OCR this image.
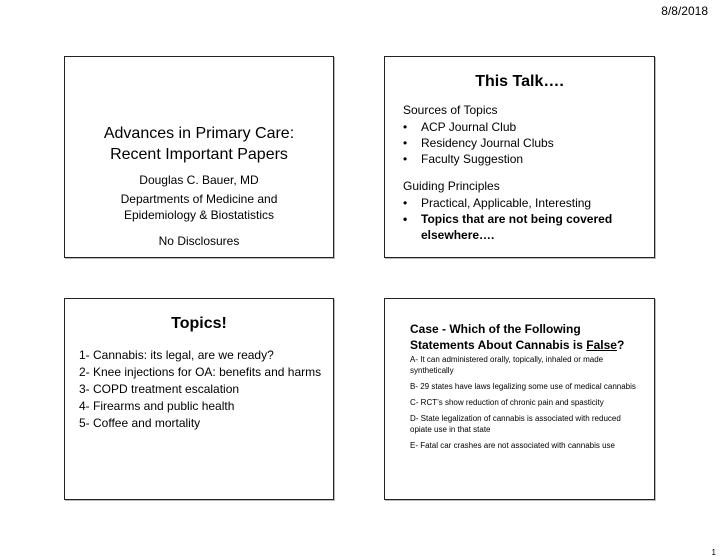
8/8/2018
Advances in Primary Care:
Recent Important Papers
Douglas C. Bauer, MD
Departments of Medicine and
Epidemiology & Biostatistics
No Disclosures
This Talk….
Sources of Topics
• ACP Journal Club
• Residency Journal Clubs
• Faculty Suggestion
Guiding Principles
• Practical, Applicable, Interesting
• Topics that are not being covered elsewhere….
Topics!
1- Cannabis: its legal, are we ready?
2- Knee injections for OA: benefits and harms
3- COPD treatment escalation
4- Firearms and public health
5- Coffee and mortality
Case - Which of the Following Statements About Cannabis is False?
A- It can administered orally, topically, inhaled or made synthetically
B- 29 states have laws legalizing some use of medical cannabis
C- RCT’s show reduction of chronic pain and spasticity
D- State legalization of cannabis is associated with reduced opiate use in that state
E- Fatal car crashes are not associated with cannabis use
1
